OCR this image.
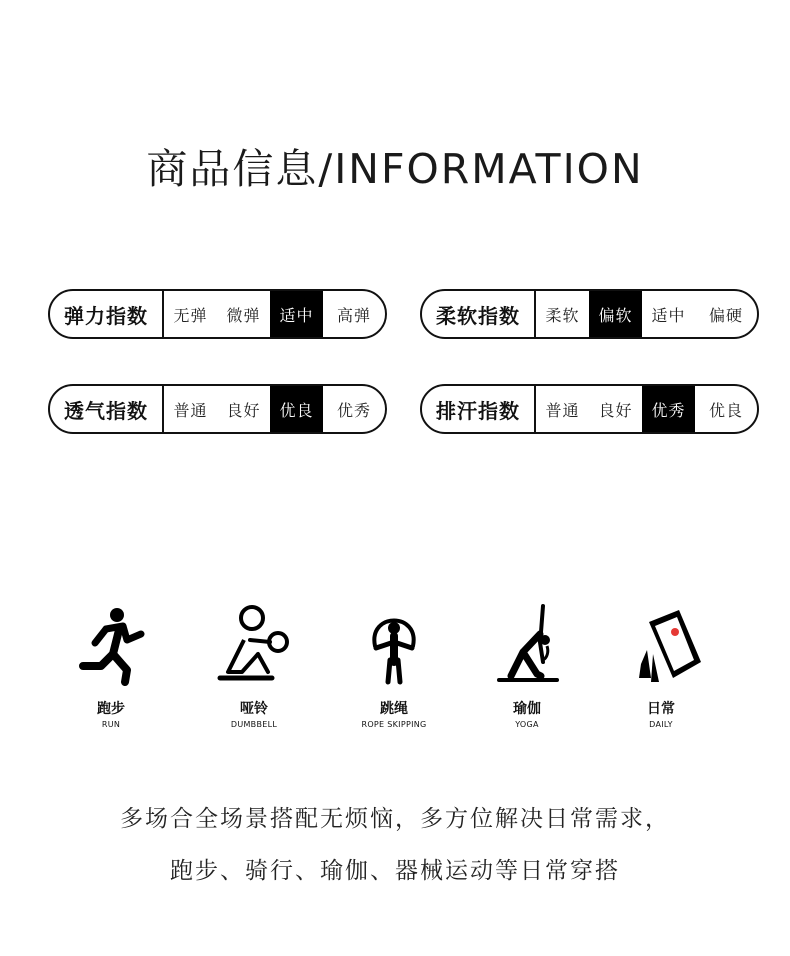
商品信息/INFORMATION
弹力指数	无弹	微弹	适中	高弹	柔软指数	柔软	偏软	适中	偏硬
透气指数	普通	良好	优良	优秀	排汗指数	普通	良好	优秀	优良
跑步
RUN
哑铃
DUMBBELL
跳绳
ROPE SKIPPING
瑜伽
YOGA
日常
DAILY
多场合全场景搭配无烦恼，多方位解决日常需求，
跑步、骑行、瑜伽、器械运动等日常穿搭
